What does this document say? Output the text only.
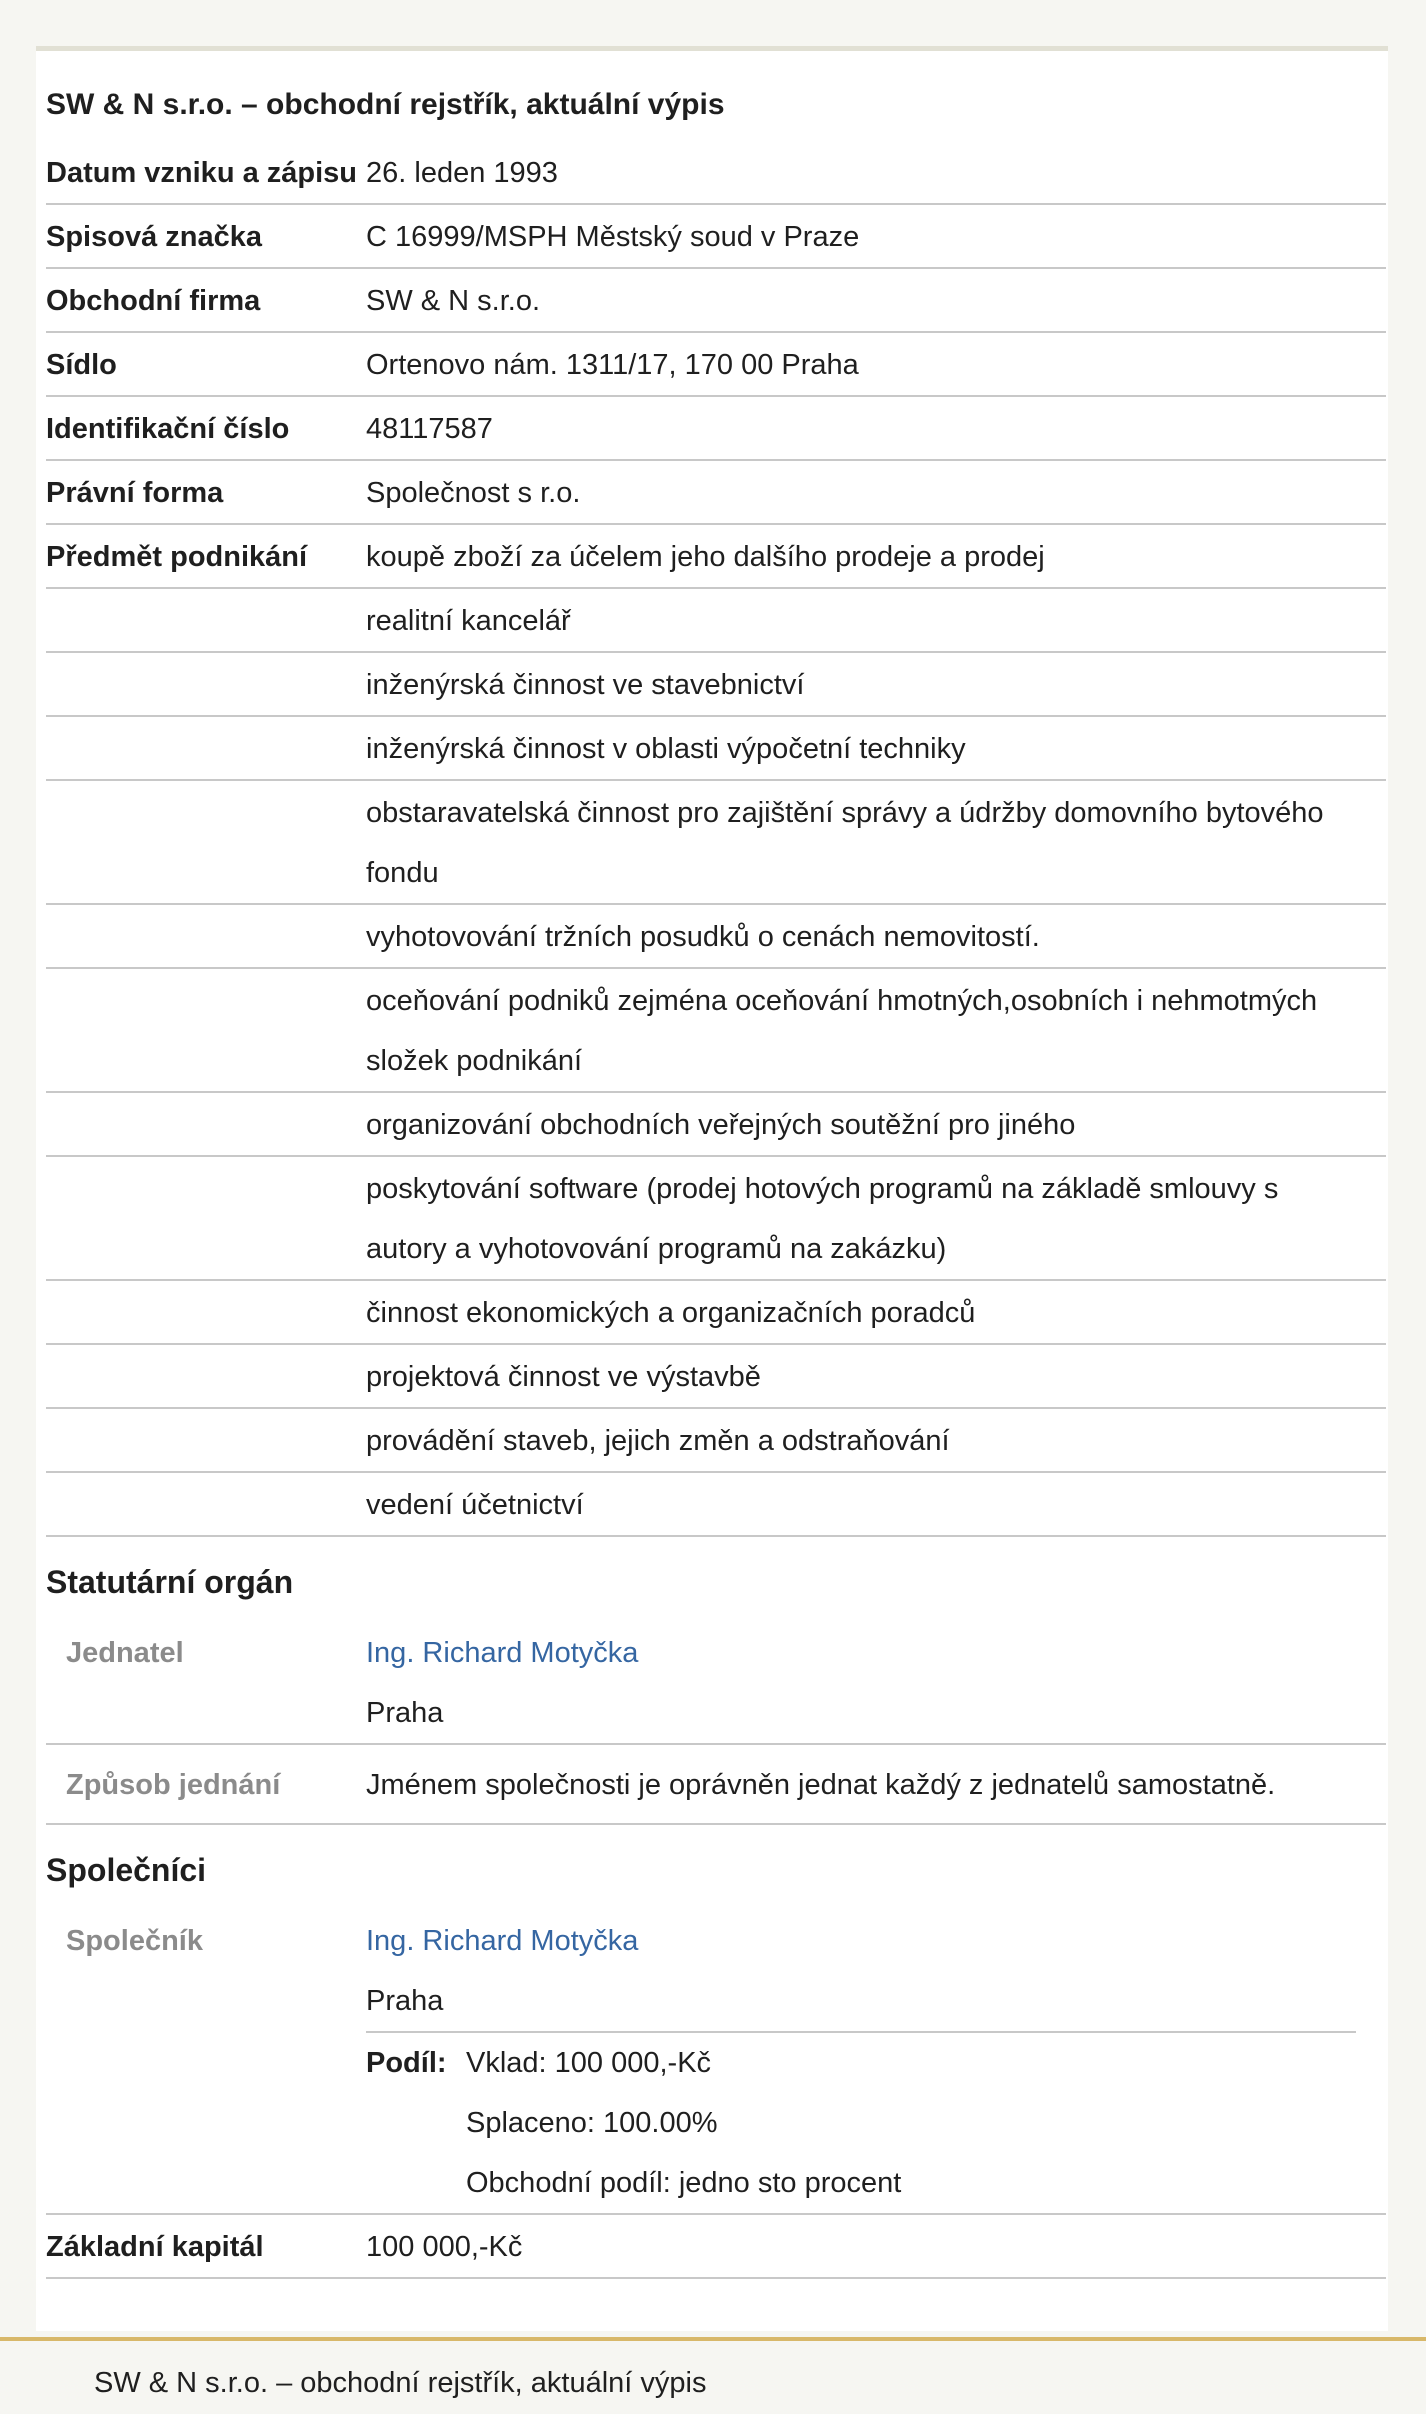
SW & N s.r.o. – obchodní rejstřík, aktuální výpis
Datum vzniku a zápisu 26. leden 1993
Spisová značka	C 16999/MSPH Městský soud v Praze
Obchodní firma	SW & N s.r.o.
Sídlo	Ortenovo nám. 1311/17, 170 00 Praha
Identifikační číslo	48117587
Právní forma	Společnost s r.o.
Předmět podnikání	koupě zboží za účelem jeho dalšího prodeje a prodej
realitní kancelář
inženýrská činnost ve stavebnictví
inženýrská činnost v oblasti výpočetní techniky
obstaravatelská činnost pro zajištění správy a údržby domovního bytového fondu
vyhotovování tržních posudků o cenách nemovitostí.
oceňování podniků zejména oceňování hmotných,osobních i nehmotmých složek podnikání
organizování obchodních veřejných soutěžní pro jiného
poskytování software (prodej hotových programů na základě smlouvy s autory a vyhotovování programů na zakázku)
činnost ekonomických a organizačních poradců
projektová činnost ve výstavbě
provádění staveb, jejich změn a odstraňování
vedení účetnictví
Statutární orgán
Jednatel	Ing. Richard Motyčka
Praha
Způsob jednání	Jménem společnosti je oprávněn jednat každý z jednatelů samostatně.
Společníci
Společník	Ing. Richard Motyčka
Praha
Podíl: Vklad: 100 000,-Kč
Splaceno: 100.00%
Obchodní podíl: jedno sto procent
Základní kapitál	100 000,-Kč
SW & N s.r.o. – obchodní rejstřík, aktuální výpis
